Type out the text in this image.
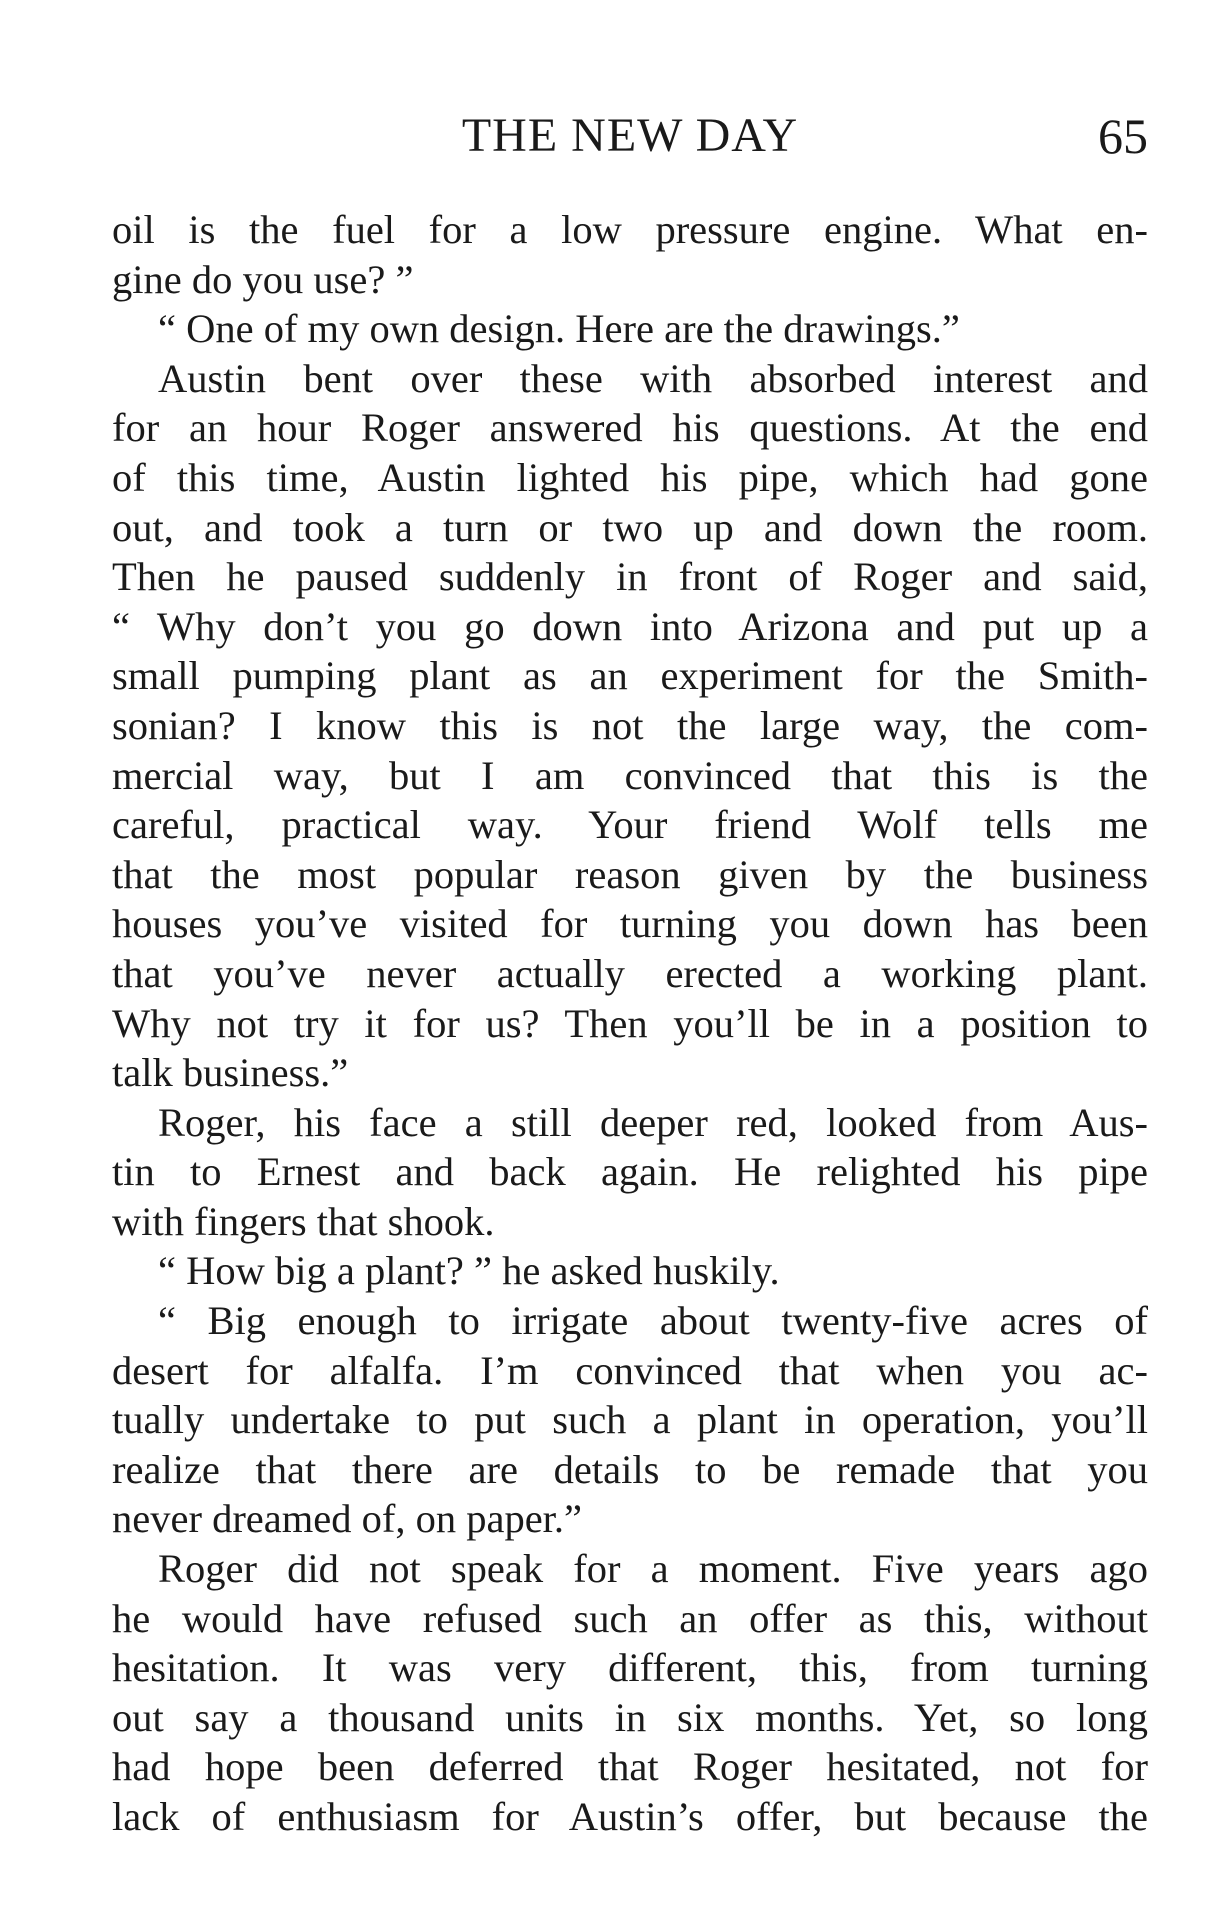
THE NEW DAY	65
oil is the fuel for a low pressure engine. What en-
gine do you use? ”
“ One of my own design. Here are the drawings.”
Austin bent over these with absorbed interest and
for an hour Roger answered his questions. At the end
of this time, Austin lighted his pipe, which had gone
out, and took a turn or two up and down the room.
Then he paused suddenly in front of Roger and said,
“ Why don’t you go down into Arizona and put up a
small pumping plant as an experiment for the Smith-
sonian? I know this is not the large way, the com-
mercial way, but I am convinced that this is the
careful, practical way. Your friend Wolf tells me
that the most popular reason given by the business
houses you’ve visited for turning you down has been
that you’ve never actually erected a working plant.
Why not try it for us? Then you’ll be in a position to
talk business.”
Roger, his face a still deeper red, looked from Aus-
tin to Ernest and back again. He relighted his pipe
with fingers that shook.
“ How big a plant? ” he asked huskily.
“ Big enough to irrigate about twenty-five acres of
desert for alfalfa. I’m convinced that when you ac-
tually undertake to put such a plant in operation, you’ll
realize that there are details to be remade that you
never dreamed of, on paper.”
Roger did not speak for a moment. Five years ago
he would have refused such an offer as this, without
hesitation. It was very different, this, from turning
out say a thousand units in six months. Yet, so long
had hope been deferred that Roger hesitated, not for
lack of enthusiasm for Austin’s offer, but because the
